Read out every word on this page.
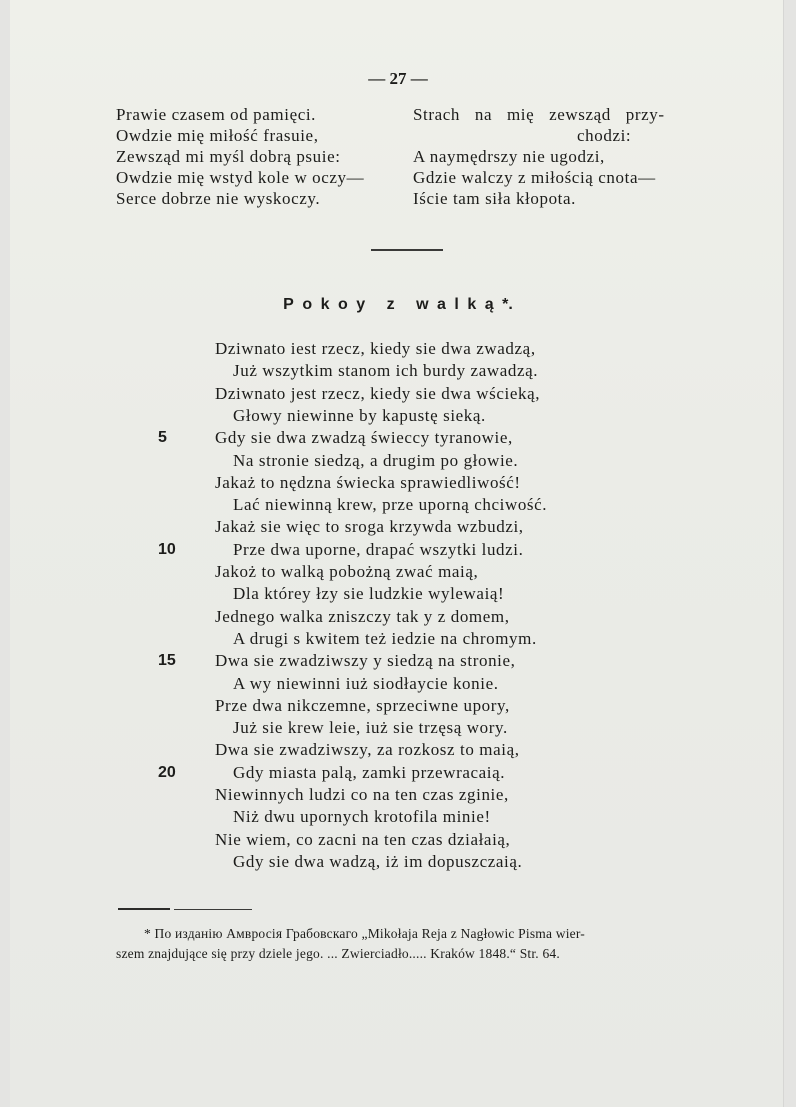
— 27 —
Prawie czasem od pamięci.
Owdzie mię miłość frasuie,
Zewsząd mi myśl dobrą psuie:
Owdzie mię wstyd kole w oczy—
Serce dobrze nie wyskoczy.
Strach na mię zewsząd przy-
chodzi:
A naymędrszy nie ugodzi,
Gdzie walczy z miłością cnota—
Iście tam siła kłopota.
Pokoy z walką*.
Dziwnato iest rzecz, kiedy sie dwa zwadzą,
Już wszytkim stanom ich burdy zawadzą.
Dziwnato jest rzecz, kiedy sie dwa wścieką,
Głowy niewinne by kapustę sieką.
5	Gdy sie dwa zwadzą świeccy tyranowie,
Na stronie siedzą, a drugim po głowie.
Jakaż to nędzna świecka sprawiedliwość!
Lać niewinną krew, prze uporną chciwość.
Jakaż sie więc to sroga krzywda wzbudzi,
10	Prze dwa uporne, drapać wszytki ludzi.
Jakoż to walką pobożną zwać maią,
Dla którey łzy sie ludzkie wylewaią!
Jednego walka zniszczy tak y z domem,
A drugi s kwitem też iedzie na chromym.
15	Dwa sie zwadziwszy y siedzą na stronie,
A wy niewinni iuż siodłaycie konie.
Prze dwa nikczemne, sprzeciwne upory,
Już sie krew leie, iuż sie trzęsą wory.
Dwa sie zwadziwszy, za rozkosz to maią,
20	Gdy miasta palą, zamki przewracaią.
Niewinnych ludzi co na ten czas zginie,
Niż dwu upornych krotofila minie!
Nie wiem, co zacni na ten czas działaią,
Gdy sie dwa wadzą, iż im dopuszczaią.
* По изданію Амвросія Грабовскаго „Mikołaja Reja z Nagłowic Pisma wier-
szem znajdujące się przy dziele jego. ... Zwierciadło..... Kraków 1848.“ Str. 64.
